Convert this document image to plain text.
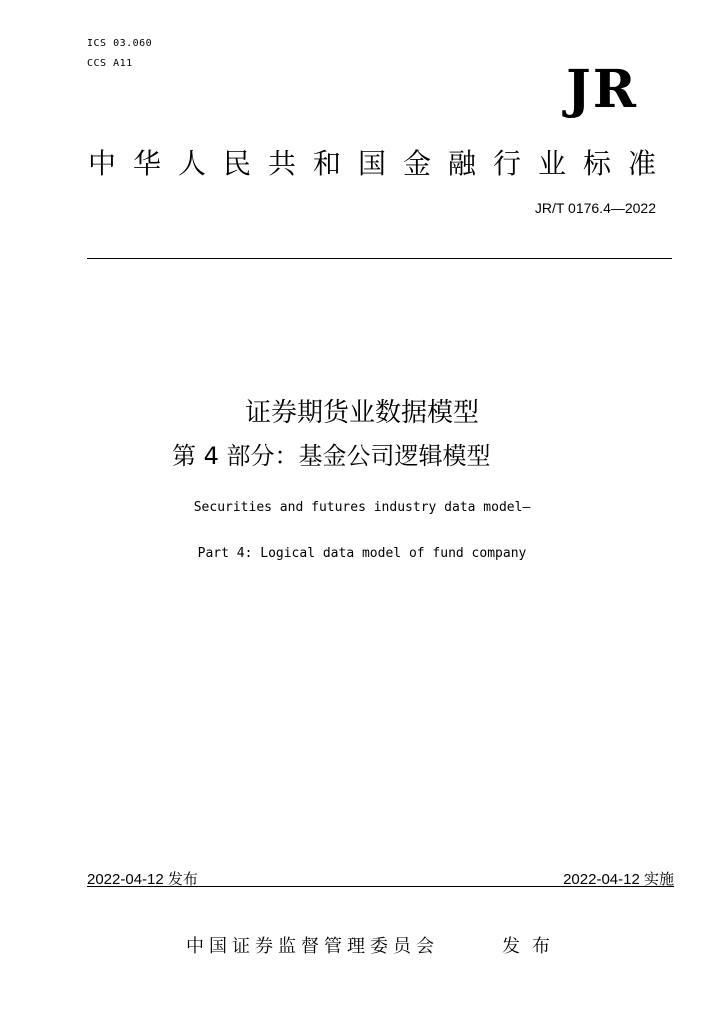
ICS 03.060
CCS A11	JR
中华人民共和国金融行业标准
JR/T 0176.4—2022
证券期货业数据模型
第 4 部分：基金公司逻辑模型
Securities and futures industry data model—
Part 4: Logical data model of fund company
2022-04-12 发布	2022-04-12 实施
中国证券监督管理委员会	发布
